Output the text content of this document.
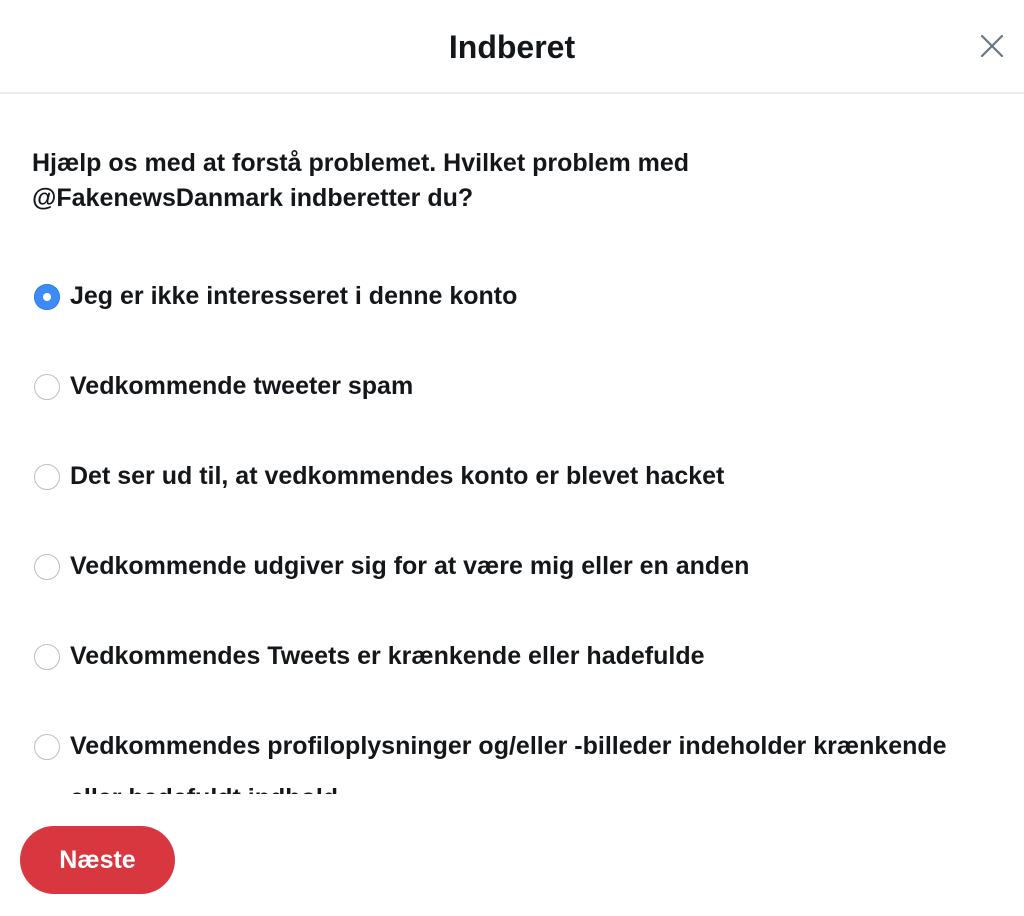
Indberet
Hjælp os med at forstå problemet. Hvilket problem med @FakenewsDanmark indberetter du?
Jeg er ikke interesseret i denne konto
Vedkommende tweeter spam
Det ser ud til, at vedkommendes konto er blevet hacket
Vedkommende udgiver sig for at være mig eller en anden
Vedkommendes Tweets er krænkende eller hadefulde
Vedkommendes profiloplysninger og/eller -billeder indeholder krænkende
Næste
